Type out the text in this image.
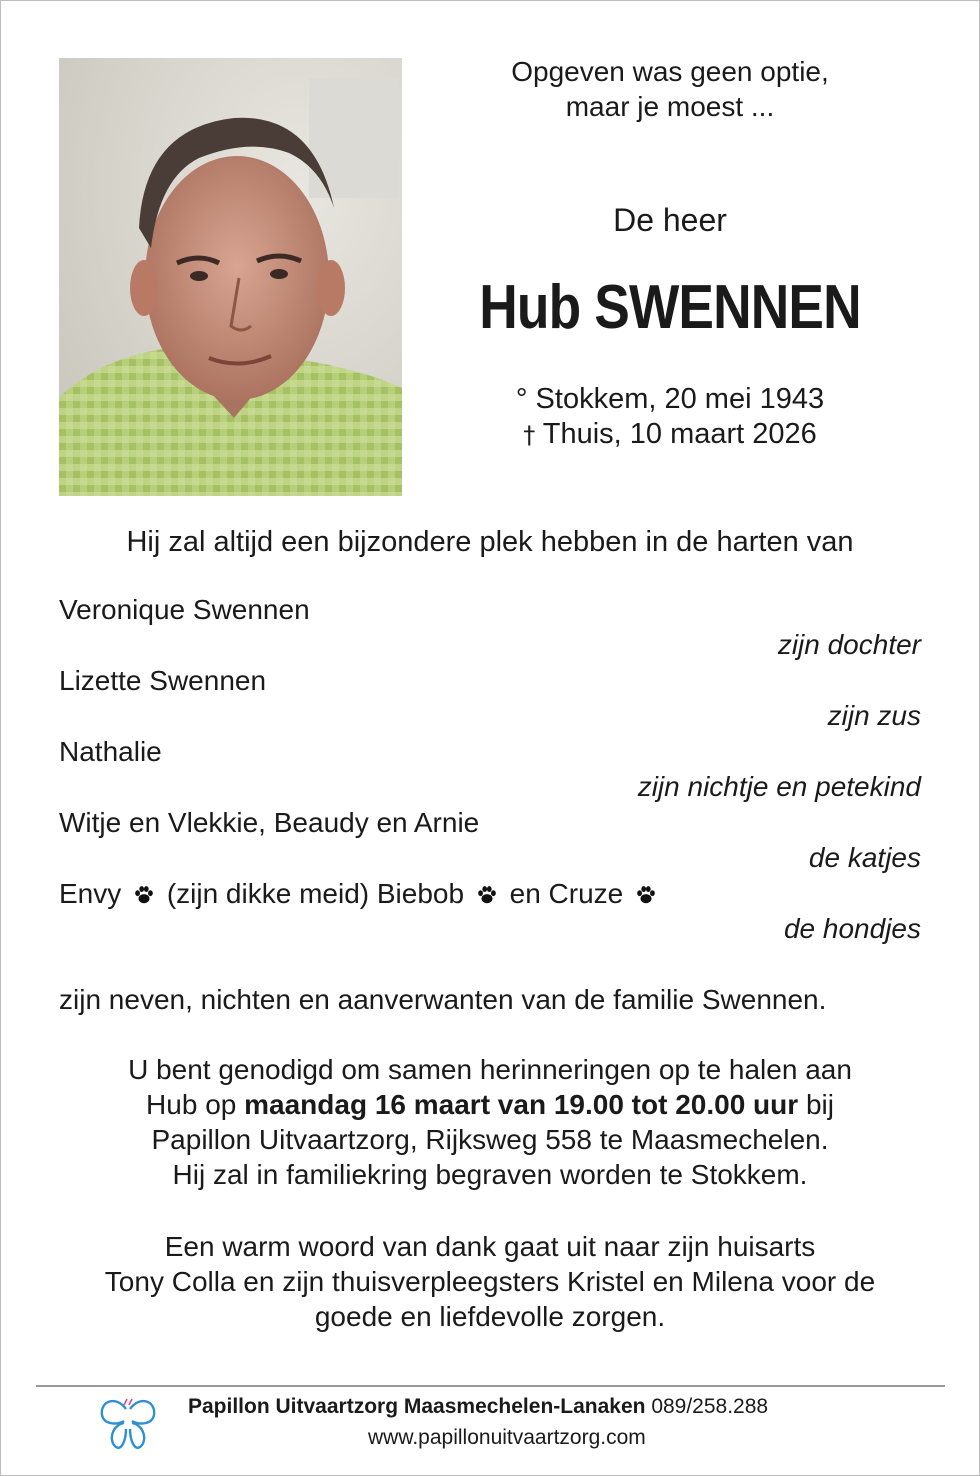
Opgeven was geen optie,
maar je moest ...
De heer
Hub SWENNEN
° Stokkem, 20 mei 1943
† Thuis, 10 maart 2026
Hij zal altijd een bijzondere plek hebben in de harten van
Veronique Swennen
zijn dochter
Lizette Swennen
zijn zus
Nathalie
zijn nichtje en petekind
Witje en Vlekkie, Beaudy en Arnie
de katjes
Envy (zijn dikke meid) Biebob en Cruze
de hondjes
zijn neven, nichten en aanverwanten van de familie Swennen.
U bent genodigd om samen herinneringen op te halen aan
Hub op maandag 16 maart van 19.00 tot 20.00 uur bij
Papillon Uitvaartzorg, Rijksweg 558 te Maasmechelen.
Hij zal in familiekring begraven worden te Stokkem.
Een warm woord van dank gaat uit naar zijn huisarts
Tony Colla en zijn thuisverpleegsters Kristel en Milena voor de
goede en liefdevolle zorgen.
Papillon Uitvaartzorg Maasmechelen-Lanaken 089/258.288
www.papillonuitvaartzorg.com
